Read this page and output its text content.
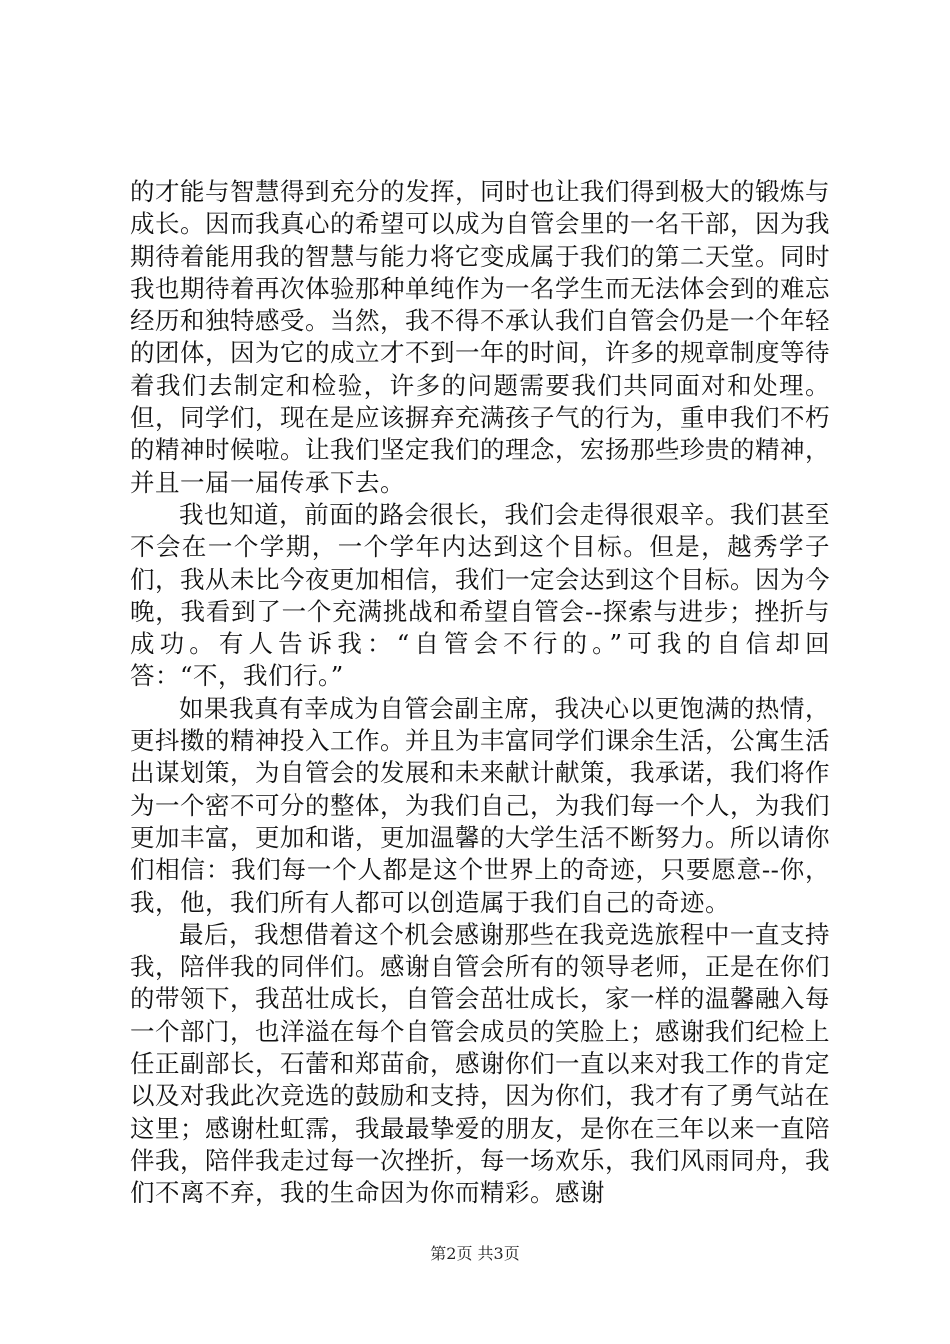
的才能与智慧得到充分的发挥，同时也让我们得到极大的锻炼与成长。因而我真心的希望可以成为自管会里的一名干部，因为我期待着能用我的智慧与能力将它变成属于我们的第二天堂。同时我也期待着再次体验那种单纯作为一名学生而无法体会到的难忘经历和独特感受。当然，我不得不承认我们自管会仍是一个年轻的团体，因为它的成立才不到一年的时间，许多的规章制度等待着我们去制定和检验，许多的问题需要我们共同面对和处理。但，同学们，现在是应该摒弃充满孩子气的行为，重申我们不朽的精神时候啦。让我们坚定我们的理念，宏扬那些珍贵的精神，并且一届一届传承下去。

我也知道，前面的路会很长，我们会走得很艰辛。我们甚至不会在一个学期，一个学年内达到这个目标。但是，越秀学子们，我从未比今夜更加相信，我们一定会达到这个目标。因为今晚，我看到了一个充满挑战和希望自管会--探索与进步；挫折与成功。有人告诉我：“自管会不行的。”可我的自信却回答：“不，我们行。”

如果我真有幸成为自管会副主席，我决心以更饱满的热情，更抖擞的精神投入工作。并且为丰富同学们课余生活，公寓生活出谋划策，为自管会的发展和未来献计献策，我承诺，我们将作为一个密不可分的整体，为我们自己，为我们每一个人，为我们更加丰富，更加和谐，更加温馨的大学生活不断努力。所以请你们相信：我们每一个人都是这个世界上的奇迹，只要愿意--你，我，他，我们所有人都可以创造属于我们自己的奇迹。

最后，我想借着这个机会感谢那些在我竞选旅程中一直支持我，陪伴我的同伴们。感谢自管会所有的领导老师，正是在你们的带领下，我茁壮成长，自管会茁壮成长，家一样的温馨融入每一个部门，也洋溢在每个自管会成员的笑脸上；感谢我们纪检上任正副部长，石蕾和郑苗俞，感谢你们一直以来对我工作的肯定以及对我此次竞选的鼓励和支持，因为你们，我才有了勇气站在这里；感谢杜虹霈，我最最挚爱的朋友，是你在三年以来一直陪伴我，陪伴我走过每一次挫折，每一场欢乐，我们风雨同舟，我们不离不弃，我的生命因为你而精彩。感谢

第2页 共3页
